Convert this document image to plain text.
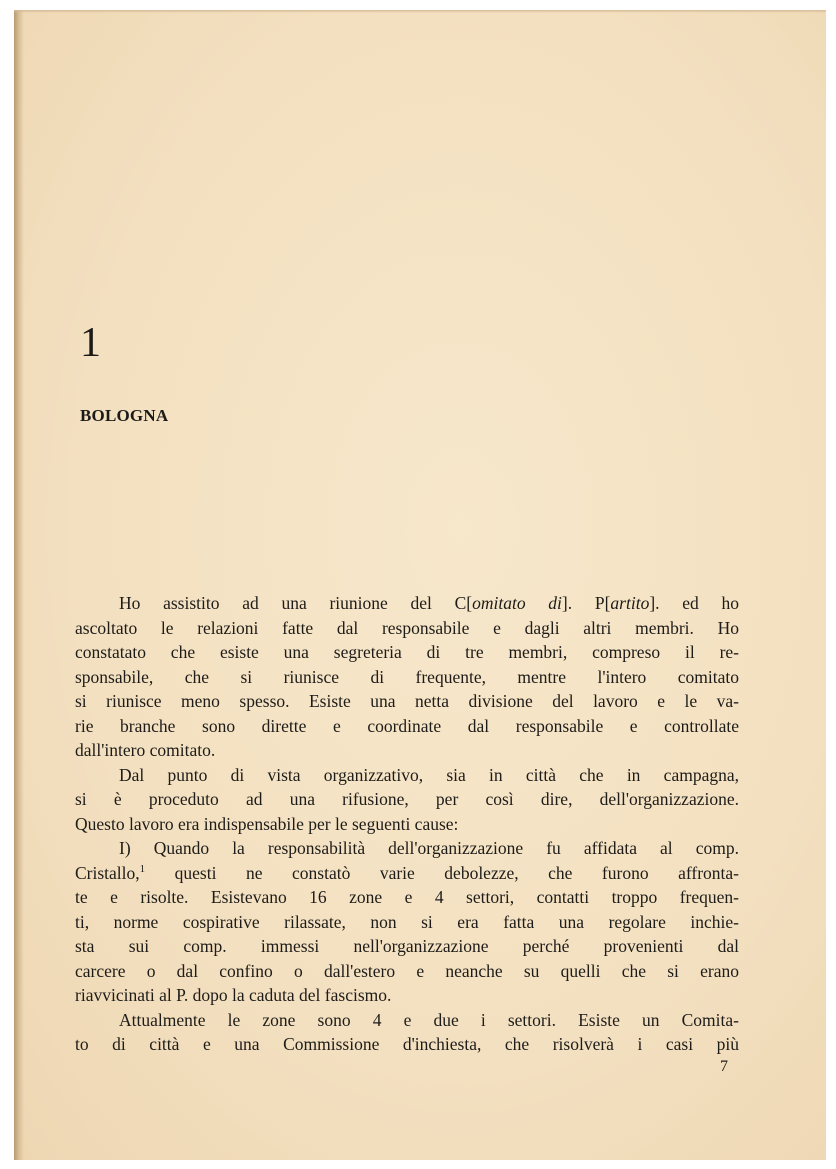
1
BOLOGNA
Ho assistito ad una riunione del C[omitato di]. P[artito]. ed ho
ascoltato le relazioni fatte dal responsabile e dagli altri membri. Ho
constatato che esiste una segreteria di tre membri, compreso il re-
sponsabile, che si riunisce di frequente, mentre l'intero comitato
si riunisce meno spesso. Esiste una netta divisione del lavoro e le va-
rie branche sono dirette e coordinate dal responsabile e controllate
dall'intero comitato.
Dal punto di vista organizzativo, sia in città che in campagna,
si è proceduto ad una rifusione, per così dire, dell'organizzazione.
Questo lavoro era indispensabile per le seguenti cause:
I) Quando la responsabilità dell'organizzazione fu affidata al comp.
Cristallo,$^1$ questi ne constatò varie debolezze, che furono affronta-
te e risolte. Esistevano 16 zone e 4 settori, contatti troppo frequen-
ti, norme cospirative rilassate, non si era fatta una regolare inchie-
sta sui comp. immessi nell'organizzazione perché provenienti dal
carcere o dal confino o dall'estero e neanche su quelli che si erano
riavvicinati al P. dopo la caduta del fascismo.
Attualmente le zone sono 4 e due i settori. Esiste un Comita-
to di città e una Commissione d'inchiesta, che risolverà i casi più
7
